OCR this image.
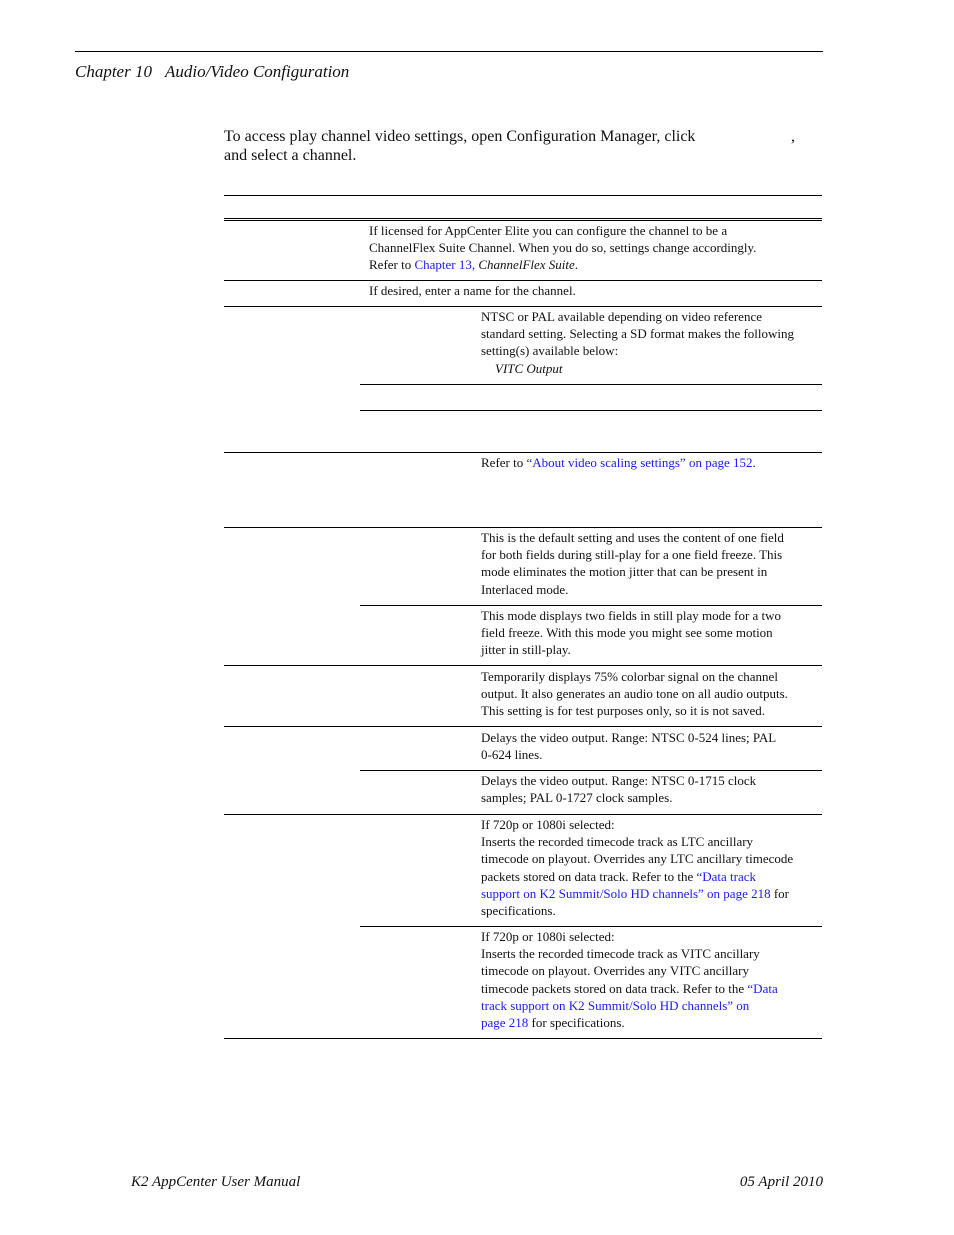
Chapter 10 Audio/Video Configuration
To access play channel video settings, open Configuration Manager, click	,
and select a channel.
If licensed for AppCenter Elite you can configure the channel to be a
ChannelFlex Suite Channel. When you do so, settings change accordingly.
Refer to Chapter 13, ChannelFlex Suite.
If desired, enter a name for the channel.
NTSC or PAL available depending on video reference
standard setting. Selecting a SD format makes the following
setting(s) available below:
VITC Output
Refer to “About video scaling settings” on page 152.
This is the default setting and uses the content of one field
for both fields during still-play for a one field freeze. This
mode eliminates the motion jitter that can be present in
Interlaced mode.
This mode displays two fields in still play mode for a two
field freeze. With this mode you might see some motion
jitter in still-play.
Temporarily displays 75% colorbar signal on the channel
output. It also generates an audio tone on all audio outputs.
This setting is for test purposes only, so it is not saved.
Delays the video output. Range: NTSC 0-524 lines; PAL
0-624 lines.
Delays the video output. Range: NTSC 0-1715 clock
samples; PAL 0-1727 clock samples.
If 720p or 1080i selected:
Inserts the recorded timecode track as LTC ancillary
timecode on playout. Overrides any LTC ancillary timecode
packets stored on data track. Refer to the “Data track
support on K2 Summit/Solo HD channels” on page 218 for
specifications.
If 720p or 1080i selected:
Inserts the recorded timecode track as VITC ancillary
timecode on playout. Overrides any VITC ancillary
timecode packets stored on data track. Refer to the “Data
track support on K2 Summit/Solo HD channels” on
page 218 for specifications.
K2 AppCenter User Manual	05 April 2010
